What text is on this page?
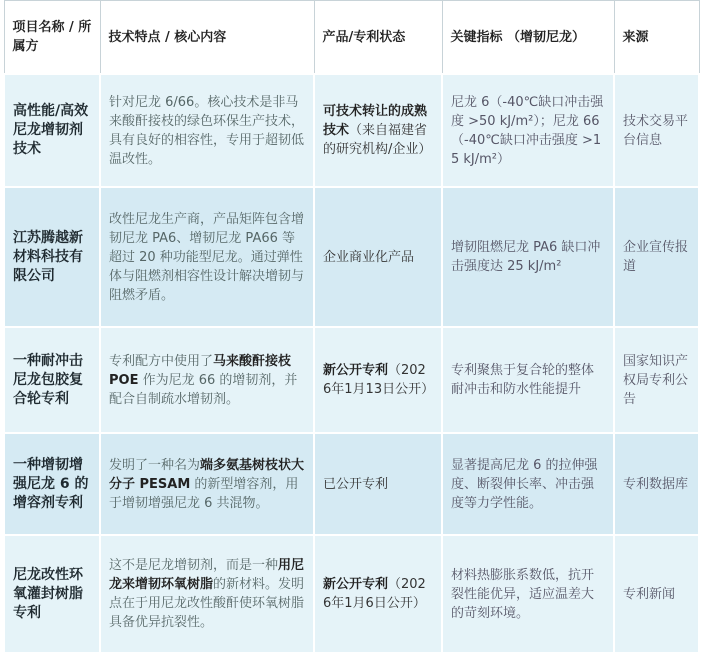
项目名称 / 所属方	技术特点 / 核心内容	产品/专利状态	关键指标 （增韧尼龙）	来源
高性能/高效尼龙增韧剂技术	针对尼龙 6/66。核心技术是非马来酸酐接枝的绿色环保生产技术，具有良好的相容性，专用于超韧低温改性。	可技术转让的成熟技术（来自福建省的研究机构/企业）	尼龙 6（-40℃缺口冲击强度 >50 kJ/m²）；尼龙 66 （-40℃缺口冲击强度 >15 kJ/m²）	技术交易平台信息
江苏腾越新材料科技有限公司	改性尼龙生产商，产品矩阵包含增韧尼龙 PA6、增韧尼龙 PA66 等超过 20 种功能型尼龙。通过弹性体与阻燃剂相容性设计解决增韧与阻燃矛盾。	企业商业化产品	增韧阻燃尼龙 PA6 缺口冲击强度达 25 kJ/m²	企业宣传报道
一种耐冲击尼龙包胶复合轮专利	专利配方中使用了马来酸酐接枝 POE 作为尼龙 66 的增韧剂，并配合自制疏水增韧剂。	新公开专利（2026年1月13日公开）	专利聚焦于复合轮的整体耐冲击和防水性能提升	国家知识产权局专利公告
一种增韧增强尼龙 6 的增容剂专利	发明了一种名为端多氨基树枝状大分子 PESAM 的新型增容剂，用于增韧增强尼龙 6 共混物。	已公开专利	显著提高尼龙 6 的拉伸强度、断裂伸长率、冲击强度等力学性能。	专利数据库
尼龙改性环氧灌封树脂专利	这不是尼龙增韧剂，而是一种用尼龙来增韧环氧树脂的新材料。发明点在于用尼龙改性酸酐使环氧树脂具备优异抗裂性。	新公开专利（2026年1月6日公开）	材料热膨胀系数低，抗开裂性能优异，适应温差大的苛刻环境。	专利新闻
